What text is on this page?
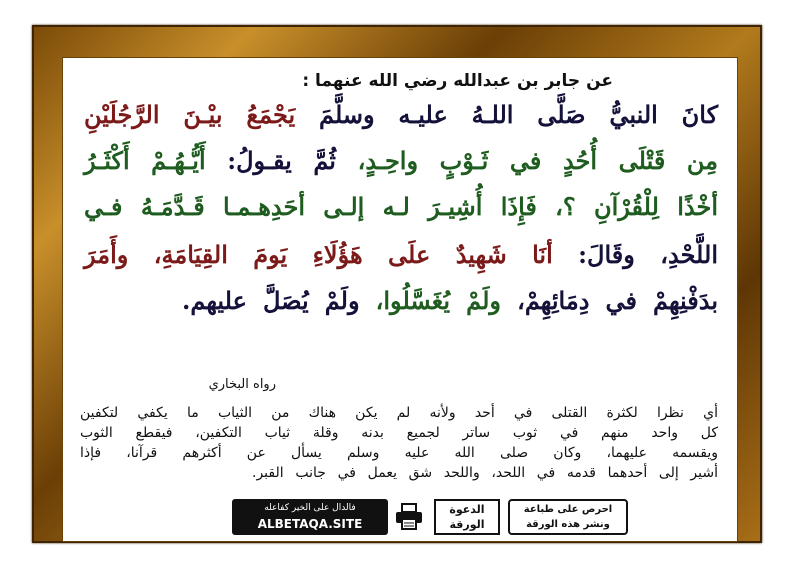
عن جابر بن عبدالله رضي الله عنهما :
كانَ النبيُّ صَلَّى اللـهُ عليـه وسلَّمَ يَجْمَعُ بيْـنَ الرَّجُلَيْنِ
مِن قَتْلَى أُحُدٍ في ثَـوْبٍ واحِـدٍ، ثُمَّ يقـولُ: أَيُّـهُـمْ أَكْثَـرُ
أخْذًا لِلْقُرْآنِ ؟، فَإِذَا أُشِيـرَ لـه إلـى أحَدِهـمـا قَـدَّمَـهُ فـي
اللَّحْدِ، وقَالَ: أنَا شَهِيدٌ علَى هَؤُلَاءِ يَومَ القِيَامَةِ، وأَمَرَ
بدَفْنِهِمْ في دِمَائِهِمْ، ولَمْ يُغَسَّلُوا، ولَمْ يُصَلَّ عليهم.
رواه البخاري
أي نظرا لكثرة القتلى في أحد ولأنه لم يكن هناك من الثياب ما يكفي لتكفين
كل واحد منهم في ثوب ساتر لجميع بدنه وقلة ثياب التكفين، فيقطع الثوب
ويقسمه عليهما، وكان صلى الله عليه وسلم يسأل عن أكثرهم قرآنا، فإذا
أشير إلى أحدهما قدمه في اللحد، واللحد شق يعمل في جانب القبر.
فالدال على الخير كفاعله
ALBETAQA.SITE
الدعوة
الورقة
احرص على طباعة
ونشر هذه الورقة
